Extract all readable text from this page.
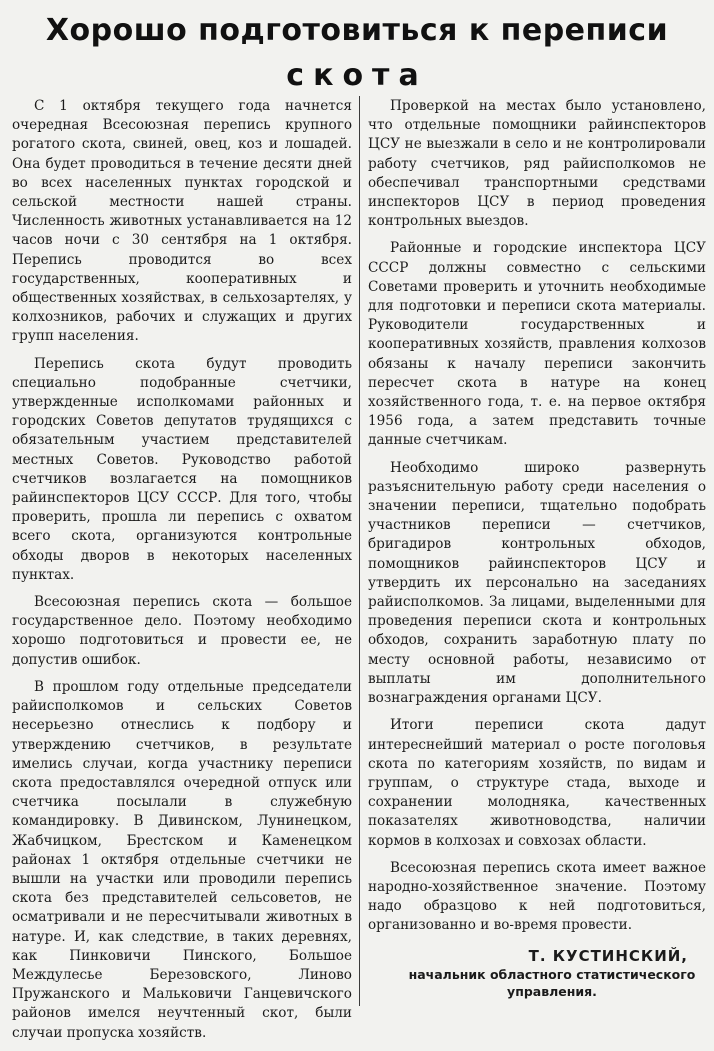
Хорошо подготовиться к переписи
скота

С 1 октября текущего года начнется очередная Всесоюзная перепись крупного рогатого скота, свиней, овец, коз и лошадей. Она будет проводиться в течение десяти дней во всех населенных пунктах городской и сельской местности нашей страны. Численность животных устанавливается на 12 часов ночи с 30 сентября на 1 октября. Перепись проводится во всех государственных, кооперативных и общественных хозяйствах, в сельхозартелях, у колхозников, рабочих и служащих и других групп населения.

Перепись скота будут проводить специально подобранные счетчики, утвержденные исполкомами районных и городских Советов депутатов трудящихся с обязательным участием представителей местных Советов. Руководство работой счетчиков возлагается на помощников райинспекторов ЦСУ СССР. Для того, чтобы проверить, прошла ли перепись с охватом всего скота, организуются контрольные обходы дворов в некоторых населенных пунктах.

Всесоюзная перепись скота — большое государственное дело. Поэтому необходимо хорошо подготовиться и провести ее, не допустив ошибок.

В прошлом году отдельные председатели райисполкомов и сельских Советов несерьезно отнеслись к подбору и утверждению счетчиков, в результате имелись случаи, когда участнику переписи скота предоставлялся очередной отпуск или счетчика посылали в служебную командировку. В Дивинском, Лунинецком, Жабчицком, Брестском и Каменецком районах 1 октября отдельные счетчики не вышли на участки или проводили перепись скота без представителей сельсоветов, не осматривали и не пересчитывали животных в натуре. И, как следствие, в таких деревнях, как Пинковичи Пинского, Большое Междулесье Березовского, Линово Пружанского и Мальковичи Ганцевичского районов имелся неучтенный скот, были случаи пропуска хозяйств.

Проверкой на местах было установлено, что отдельные помощники райинспекторов ЦСУ не выезжали в село и не контролировали работу счетчиков, ряд райисполкомов не обеспечивал транспортными средствами инспекторов ЦСУ в период проведения контрольных выездов.

Районные и городские инспектора ЦСУ СССР должны совместно с сельскими Советами проверить и уточнить необходимые для подготовки и переписи скота материалы. Руководители государственных и кооперативных хозяйств, правления колхозов обязаны к началу переписи закончить пересчет скота в натуре на конец хозяйственного года, т. е. на первое октября 1956 года, а затем представить точные данные счетчикам.

Необходимо широко развернуть разъяснительную работу среди населения о значении переписи, тщательно подобрать участников переписи — счетчиков, бригадиров контрольных обходов, помощников райинспекторов ЦСУ и утвердить их персонально на заседаниях райисполкомов. За лицами, выделенными для проведения переписи скота и контрольных обходов, сохранить заработную плату по месту основной работы, независимо от выплаты им дополнительного вознаграждения органами ЦСУ.

Итоги переписи скота дадут интереснейший материал о росте поголовья скота по категориям хозяйств, по видам и группам, о структуре стада, выходе и сохранении молодняка, качественных показателях животноводства, наличии кормов в колхозах и совхозах области.

Всесоюзная перепись скота имеет важное народно-хозяйственное значение. Поэтому надо образцово к ней подготовиться, организованно и во-время провести.

Т. КУСТИНСКИЙ,
начальник областного статистического управления.
